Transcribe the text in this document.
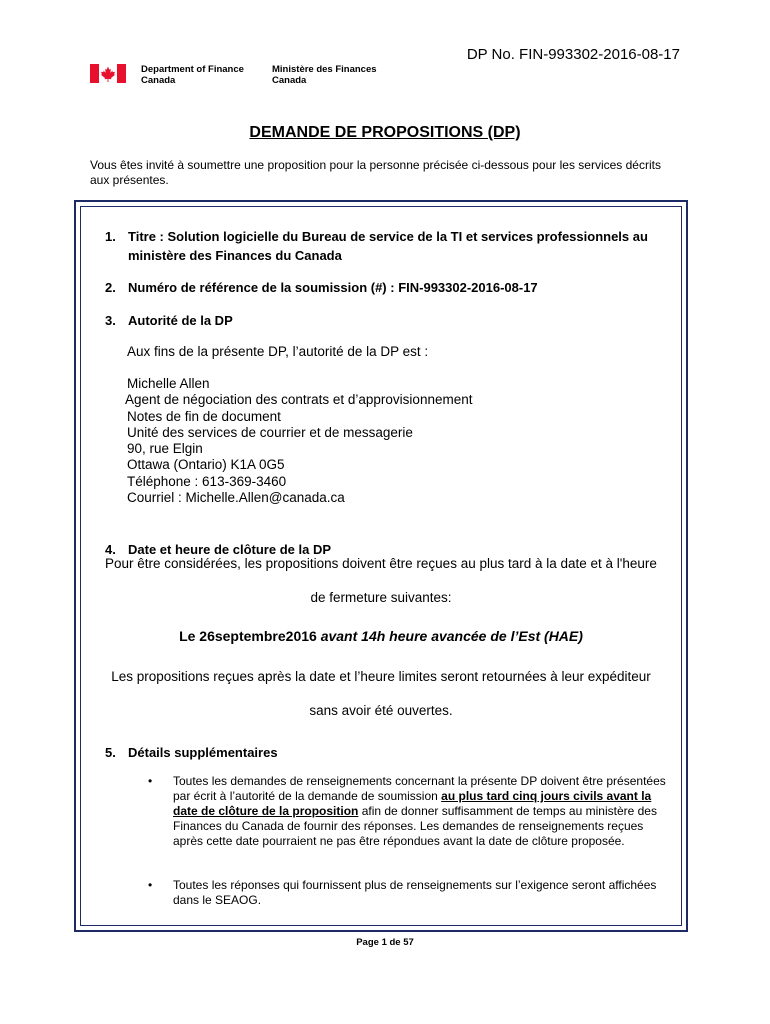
DP No. FIN-993302-2016-08-17
Department of Finance
Canada
Ministère des Finances
Canada
DEMANDE DE PROPOSITIONS (DP)
Vous êtes invité à soumettre une proposition pour la personne précisée ci-dessous pour les services décrits aux présentes.
1. Titre : Solution logicielle du Bureau de service de la TI et services professionnels au ministère des Finances du Canada
2. Numéro de référence de la soumission (#) : FIN-993302-2016-08-17
3. Autorité de la DP
Aux fins de la présente DP, l’autorité de la DP est :
Michelle Allen
Agent de négociation des contrats et d’approvisionnement
Notes de fin de document
Unité des services de courrier et de messagerie
90, rue Elgin
Ottawa (Ontario) K1A 0G5
Téléphone : 613-369-3460
Courriel : Michelle.Allen@canada.ca
4. Date et heure de clôture de la DP
Pour être considérées, les propositions doivent être reçues au plus tard à la date et à l'heure
de fermeture suivantes:
Le 26septembre2016 avant 14h heure avancée de l’Est (HAE)
Les propositions reçues après la date et l’heure limites seront retournées à leur expéditeur
sans avoir été ouvertes.
5. Détails supplémentaires
• Toutes les demandes de renseignements concernant la présente DP doivent être présentées par écrit à l’autorité de la demande de soumission au plus tard cinq jours civils avant la date de clôture de la proposition afin de donner suffisamment de temps au ministère des Finances du Canada de fournir des réponses. Les demandes de renseignements reçues après cette date pourraient ne pas être répondues avant la date de clôture proposée.
• Toutes les réponses qui fournissent plus de renseignements sur l’exigence seront affichées dans le SEAOG.
Page 1 de 57
